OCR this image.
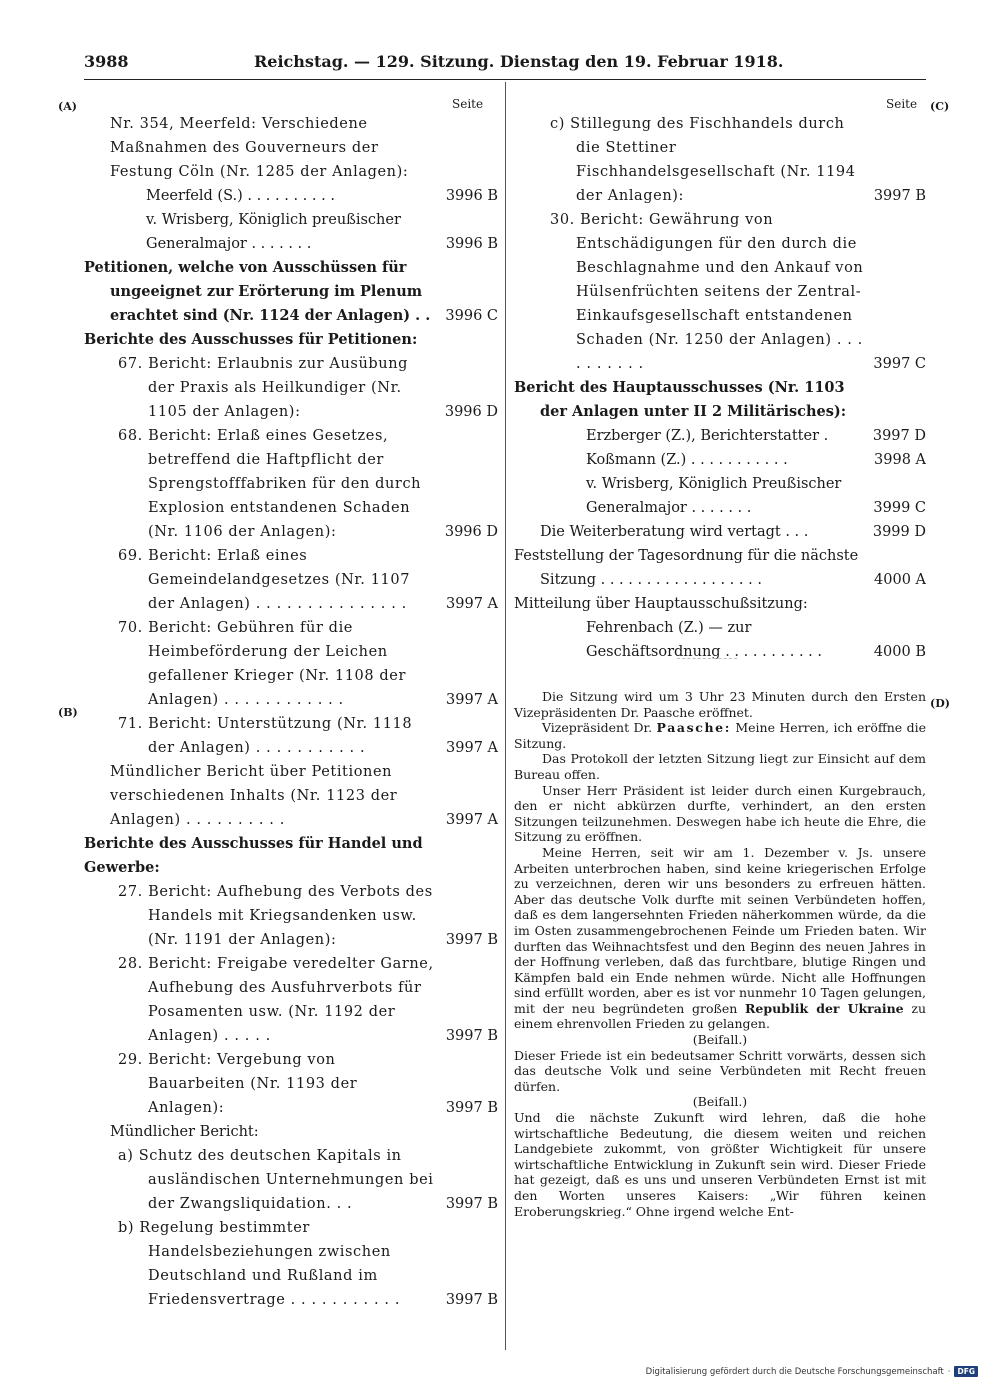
3988	Reichstag. — 129. Sitzung. Dienstag den 19. Februar 1918.
(A)
(B)
(C)
(D)
Seite	Seite
Nr. 354, Meerfeld: Verschiedene Maßnahmen des Gouverneurs der Festung Cöln (Nr. 1285 der Anlagen):
Meerfeld (S.) . . . . . . . . . .	3996 B
v. Wrisberg, Königlich preußischer Generalmajor . . . . . . .	3996 B
Petitionen, welche von Ausschüssen für ungeeignet zur Erörterung im Plenum erachtet sind (Nr. 1124 der Anlagen) . .	3996 C
Berichte des Ausschusses für Petitionen:
67. Bericht: Erlaubnis zur Ausübung der Praxis als Heilkundiger (Nr. 1105 der Anlagen):	3996 D
68. Bericht: Erlaß eines Gesetzes, betreffend die Haftpflicht der Sprengstofffabriken für den durch Explosion entstandenen Schaden (Nr. 1106 der Anlagen):	3996 D
69. Bericht: Erlaß eines Gemeindelandgesetzes (Nr. 1107 der Anlagen) . . . . . . . . . . . . . . .	3997 A
70. Bericht: Gebühren für die Heimbeförderung der Leichen gefallener Krieger (Nr. 1108 der Anlagen) . . . . . . . . . . . .	3997 A
71. Bericht: Unterstützung (Nr. 1118 der Anlagen) . . . . . . . . . . .	3997 A
Mündlicher Bericht über Petitionen verschiedenen Inhalts (Nr. 1123 der Anlagen) . . . . . . . . . .	3997 A
Berichte des Ausschusses für Handel und Gewerbe:
27. Bericht: Aufhebung des Verbots des Handels mit Kriegsandenken usw. (Nr. 1191 der Anlagen):	3997 B
28. Bericht: Freigabe veredelter Garne, Aufhebung des Ausfuhrverbots für Posamenten usw. (Nr. 1192 der Anlagen) . . . . .	3997 B
29. Bericht: Vergebung von Bauarbeiten (Nr. 1193 der Anlagen):	3997 B
Mündlicher Bericht:
a) Schutz des deutschen Kapitals in ausländischen Unternehmungen bei der Zwangsliquidation. . .	3997 B
b) Regelung bestimmter Handelsbeziehungen zwischen Deutschland und Rußland im Friedensvertrage . . . . . . . . . . .	3997 B
c) Stillegung des Fischhandels durch die Stettiner Fischhandelsgesellschaft (Nr. 1194 der Anlagen):	3997 B
30. Bericht: Gewährung von Entschädigungen für den durch die Beschlagnahme und den Ankauf von Hülsenfrüchten seitens der Zentral-Einkaufsgesellschaft entstandenen Schaden (Nr. 1250 der Anlagen) . . . . . . . . . .	3997 C
Bericht des Hauptausschusses (Nr. 1103 der Anlagen unter II 2 Militärisches):
Erzberger (Z.), Berichterstatter .	3997 D
Koßmann (Z.) . . . . . . . . . . .	3998 A
v. Wrisberg, Königlich Preußischer Generalmajor . . . . . . .	3999 C
Die Weiterberatung wird vertagt . . .	3999 D
Feststellung der Tagesordnung für die nächste Sitzung . . . . . . . . . . . . . . . . . .	4000 A
Mitteilung über Hauptausschußsitzung:
Fehrenbach (Z.) — zur Geschäftsordnung . . . . . . . . . . .	4000 B

Die Sitzung wird um 3 Uhr 23 Minuten durch den Ersten Vizepräsidenten Dr. Paasche eröffnet.

Vizepräsident Dr. Paasche: Meine Herren, ich eröffne die Sitzung.

Das Protokoll der letzten Sitzung liegt zur Einsicht auf dem Bureau offen.

Unser Herr Präsident ist leider durch einen Kurgebrauch, den er nicht abkürzen durfte, verhindert, an den ersten Sitzungen teilzunehmen. Deswegen habe ich heute die Ehre, die Sitzung zu eröffnen.

Meine Herren, seit wir am 1. Dezember v. Js. unsere Arbeiten unterbrochen haben, sind keine kriegerischen Erfolge zu verzeichnen, deren wir uns besonders zu erfreuen hätten. Aber das deutsche Volk durfte mit seinen Verbündeten hoffen, daß es dem langersehnten Frieden näherkommen würde, da die im Osten zusammengebrochenen Feinde um Frieden baten. Wir durften das Weihnachtsfest und den Beginn des neuen Jahres in der Hoffnung verleben, daß das furchtbare, blutige Ringen und Kämpfen bald ein Ende nehmen würde. Nicht alle Hoffnungen sind erfüllt worden, aber es ist vor nunmehr 10 Tagen gelungen, mit der neu begründeten großen Republik der Ukraine zu einem ehrenvollen Frieden zu gelangen.

(Beifall.)

Dieser Friede ist ein bedeutsamer Schritt vorwärts, dessen sich das deutsche Volk und seine Verbündeten mit Recht freuen dürfen.

(Beifall.)

Und die nächste Zukunft wird lehren, daß die hohe wirtschaftliche Bedeutung, die diesem weiten und reichen Landgebiete zukommt, von größter Wichtigkeit für unsere wirtschaftliche Entwicklung in Zukunft sein wird. Dieser Friede hat gezeigt, daß es uns und unseren Verbündeten Ernst ist mit den Worten unseres Kaisers: „Wir führen keinen Eroberungskrieg.“ Ohne irgend welche Ent-

Digitalisierung gefördert durch die Deutsche Forschungsgemeinschaft · DFG
